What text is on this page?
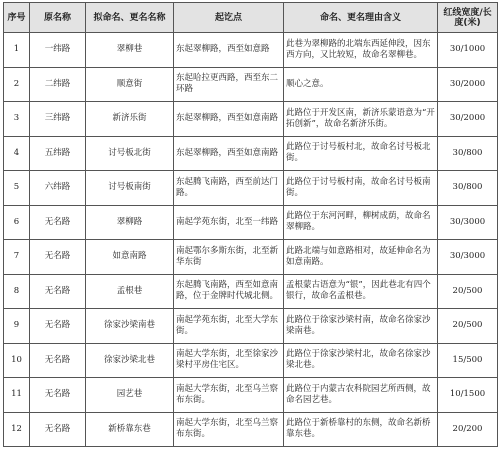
序号	原名称	拟命名、更名名称	起讫点	命名、更名理由含义	红线宽度/长度(米)
1	一纬路	翠柳巷	东起翠柳路，西至如意路	此巷为翠柳路的北端东西延伸段，因东西方向，又比较短，故命名翠柳巷。	30/1000
2	二纬路	顺意街	东起哈拉更西路，西至东二环路	顺心之意。	30/2000
3	三纬路	新济乐街	东起翠柳路，西至如意南路	此路位于开发区南，新济乐蒙语意为“开拓创新”，故命名新济乐街。	30/2000
4	五纬路	讨号板北街	东起翠柳路，西至如意南路	此路位于讨号板村北，故命名讨号板北街。	30/800
5	六纬路	讨号板南街	东起腾飞南路，西至前达门路。	此路位于讨号板村南，故命名讨号板南街。	30/800
6	无名路	翠柳路	南起学苑东街，北至一纬路	此路位于东河河畔，柳树成荫，故命名翠柳路。	30/3000
7	无名路	如意南路	南起鄂尔多斯东街，北至新华东街	此路北端与如意路相对，故延伸命名为如意南路。	30/3000
8	无名路	孟根巷	东起腾飞南路，西至如意南路，位于金牌时代城北侧。	孟根蒙古语意为“银”，因此巷北有四个银行，故命名孟根巷。	20/500
9	无名路	徐家沙梁南巷	南起学苑东街，北至大学东街。	此路位于徐家沙梁村南，故命名徐家沙梁南巷。	20/500
10	无名路	徐家沙梁北巷	南起大学东街，北至徐家沙梁村平房住宅区。	此路位于徐家沙梁村北，故命名徐家沙梁北巷。	15/500
11	无名路	园艺巷	南起大学东街，北至乌兰察布东街。	此路位于内蒙古农科院园艺所西侧，故命名园艺巷。	10/1500
12	无名路	新桥靠东巷	南起大学东街，北至乌兰察布东街。	此路位于新桥靠村的东侧，故命名新桥靠东巷。	20/200
